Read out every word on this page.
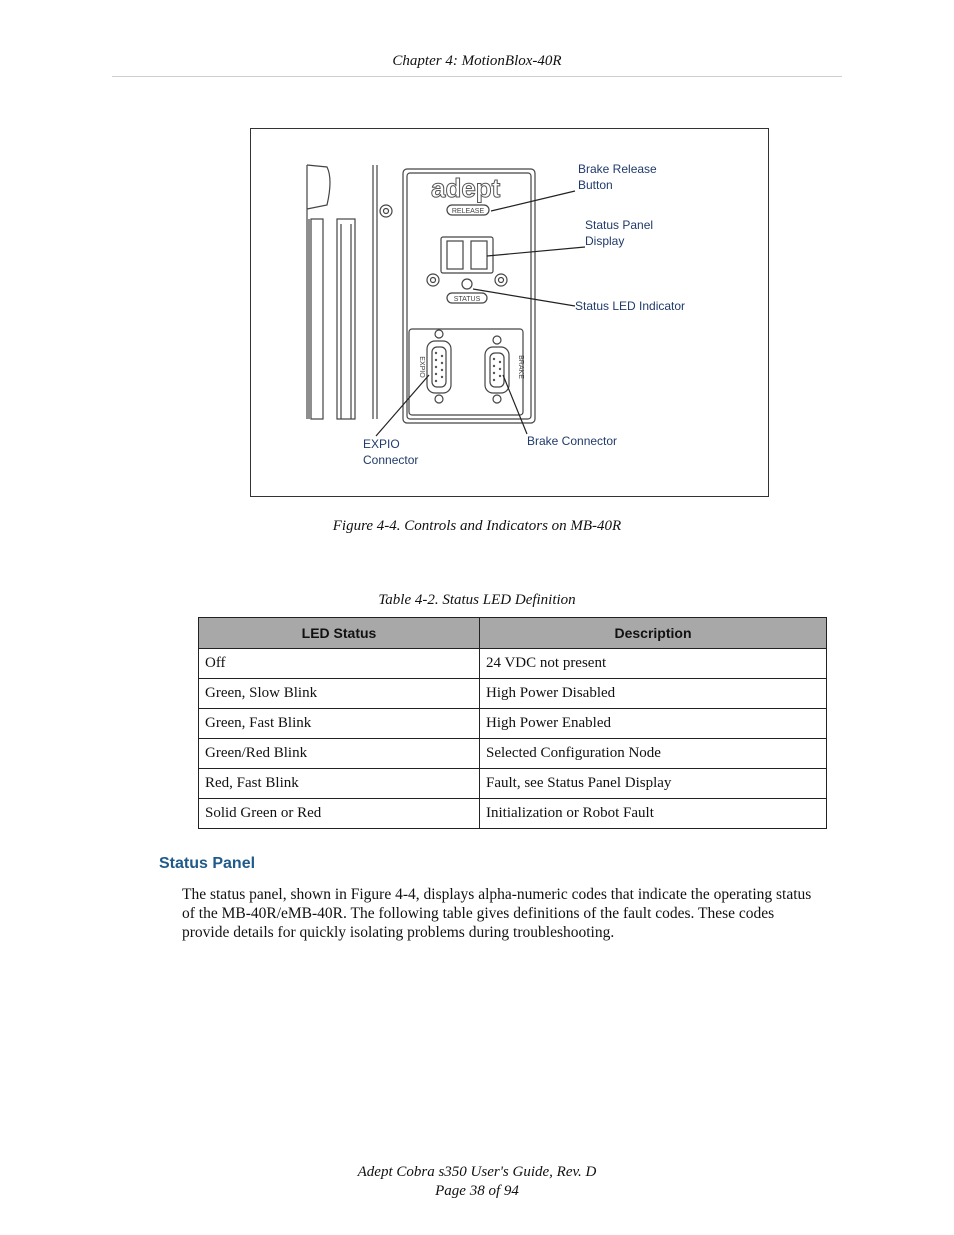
Chapter 4: MotionBlox-40R
adept
RELEASE
STATUS
EXPIO	BRAKE
Brake Release
Button
Status Panel
Display
Status LED Indicator
EXPIO
Connector
Brake Connector
Figure 4-4. Controls and Indicators on MB-40R
Table 4-2. Status LED Definition
LED Status	Description
Off	24 VDC not present
Green, Slow Blink	High Power Disabled
Green, Fast Blink	High Power Enabled
Green/Red Blink	Selected Configuration Node
Red, Fast Blink	Fault, see Status Panel Display
Solid Green or Red	Initialization or Robot Fault
Status Panel
The status panel, shown in Figure 4-4, displays alpha-numeric codes that indicate the operating status of the MB-40R/eMB-40R. The following table gives definitions of the fault codes. These codes provide details for quickly isolating problems during troubleshooting.
Adept Cobra s350 User's Guide, Rev. D
Page 38 of 94
